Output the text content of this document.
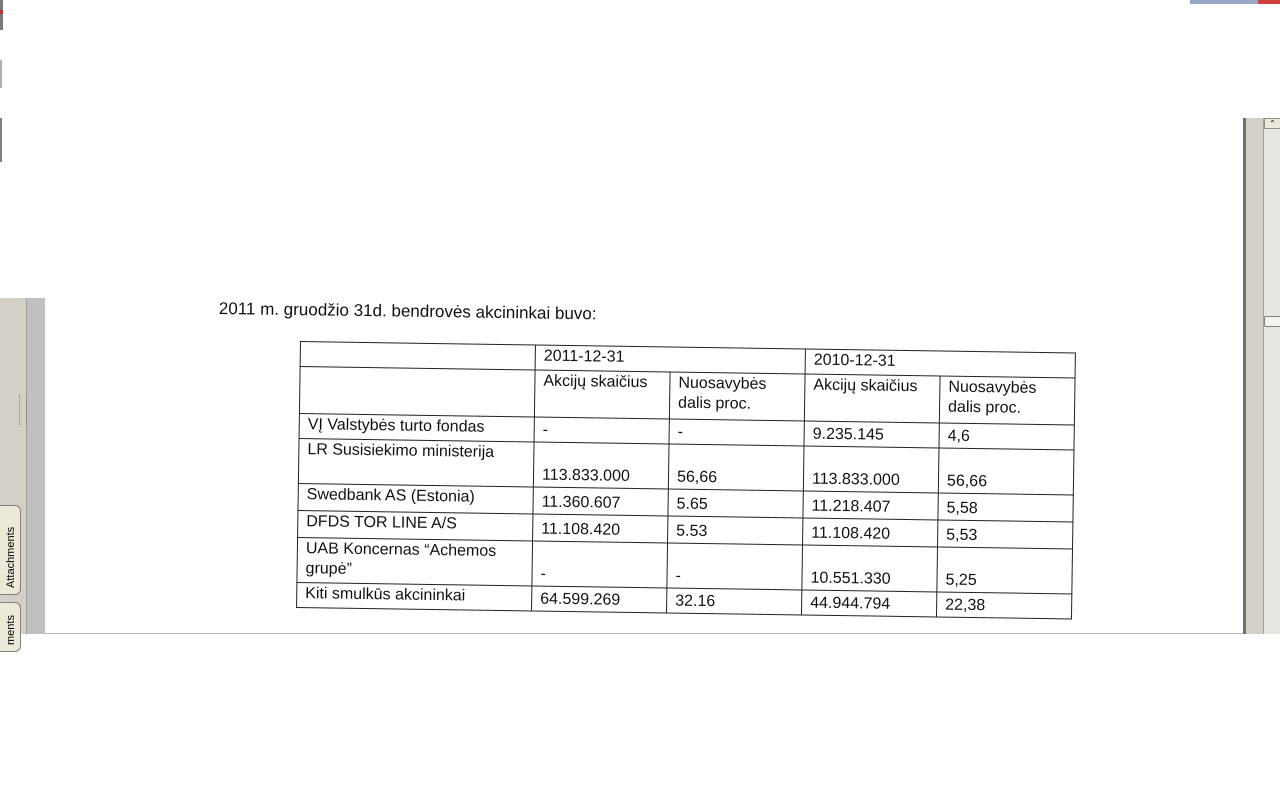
Attachments
ments
⌃
2011 m. gruodžio 31d. bendrovės akcininkai buvo:
	2011-12-31		2010-12-31	
	Akcijų skaičius	Nuosavybės dalis proc.	Akcijų skaičius	Nuosavybės dalis proc.
VĮ Valstybės turto fondas	-	-	9.235.145	4,6
LR Susisiekimo ministerija	113.833.000	56,66	113.833.000	56,66
Swedbank AS (Estonia)	11.360.607	5.65	11.218.407	5,58
DFDS TOR LINE A/S	11.108.420	5.53	11.108.420	5,53
UAB Koncernas “Achemos grupė”	-	-	10.551.330	5,25
Kiti smulkūs akcininkai	64.599.269	32.16	44.944.794	22,38
